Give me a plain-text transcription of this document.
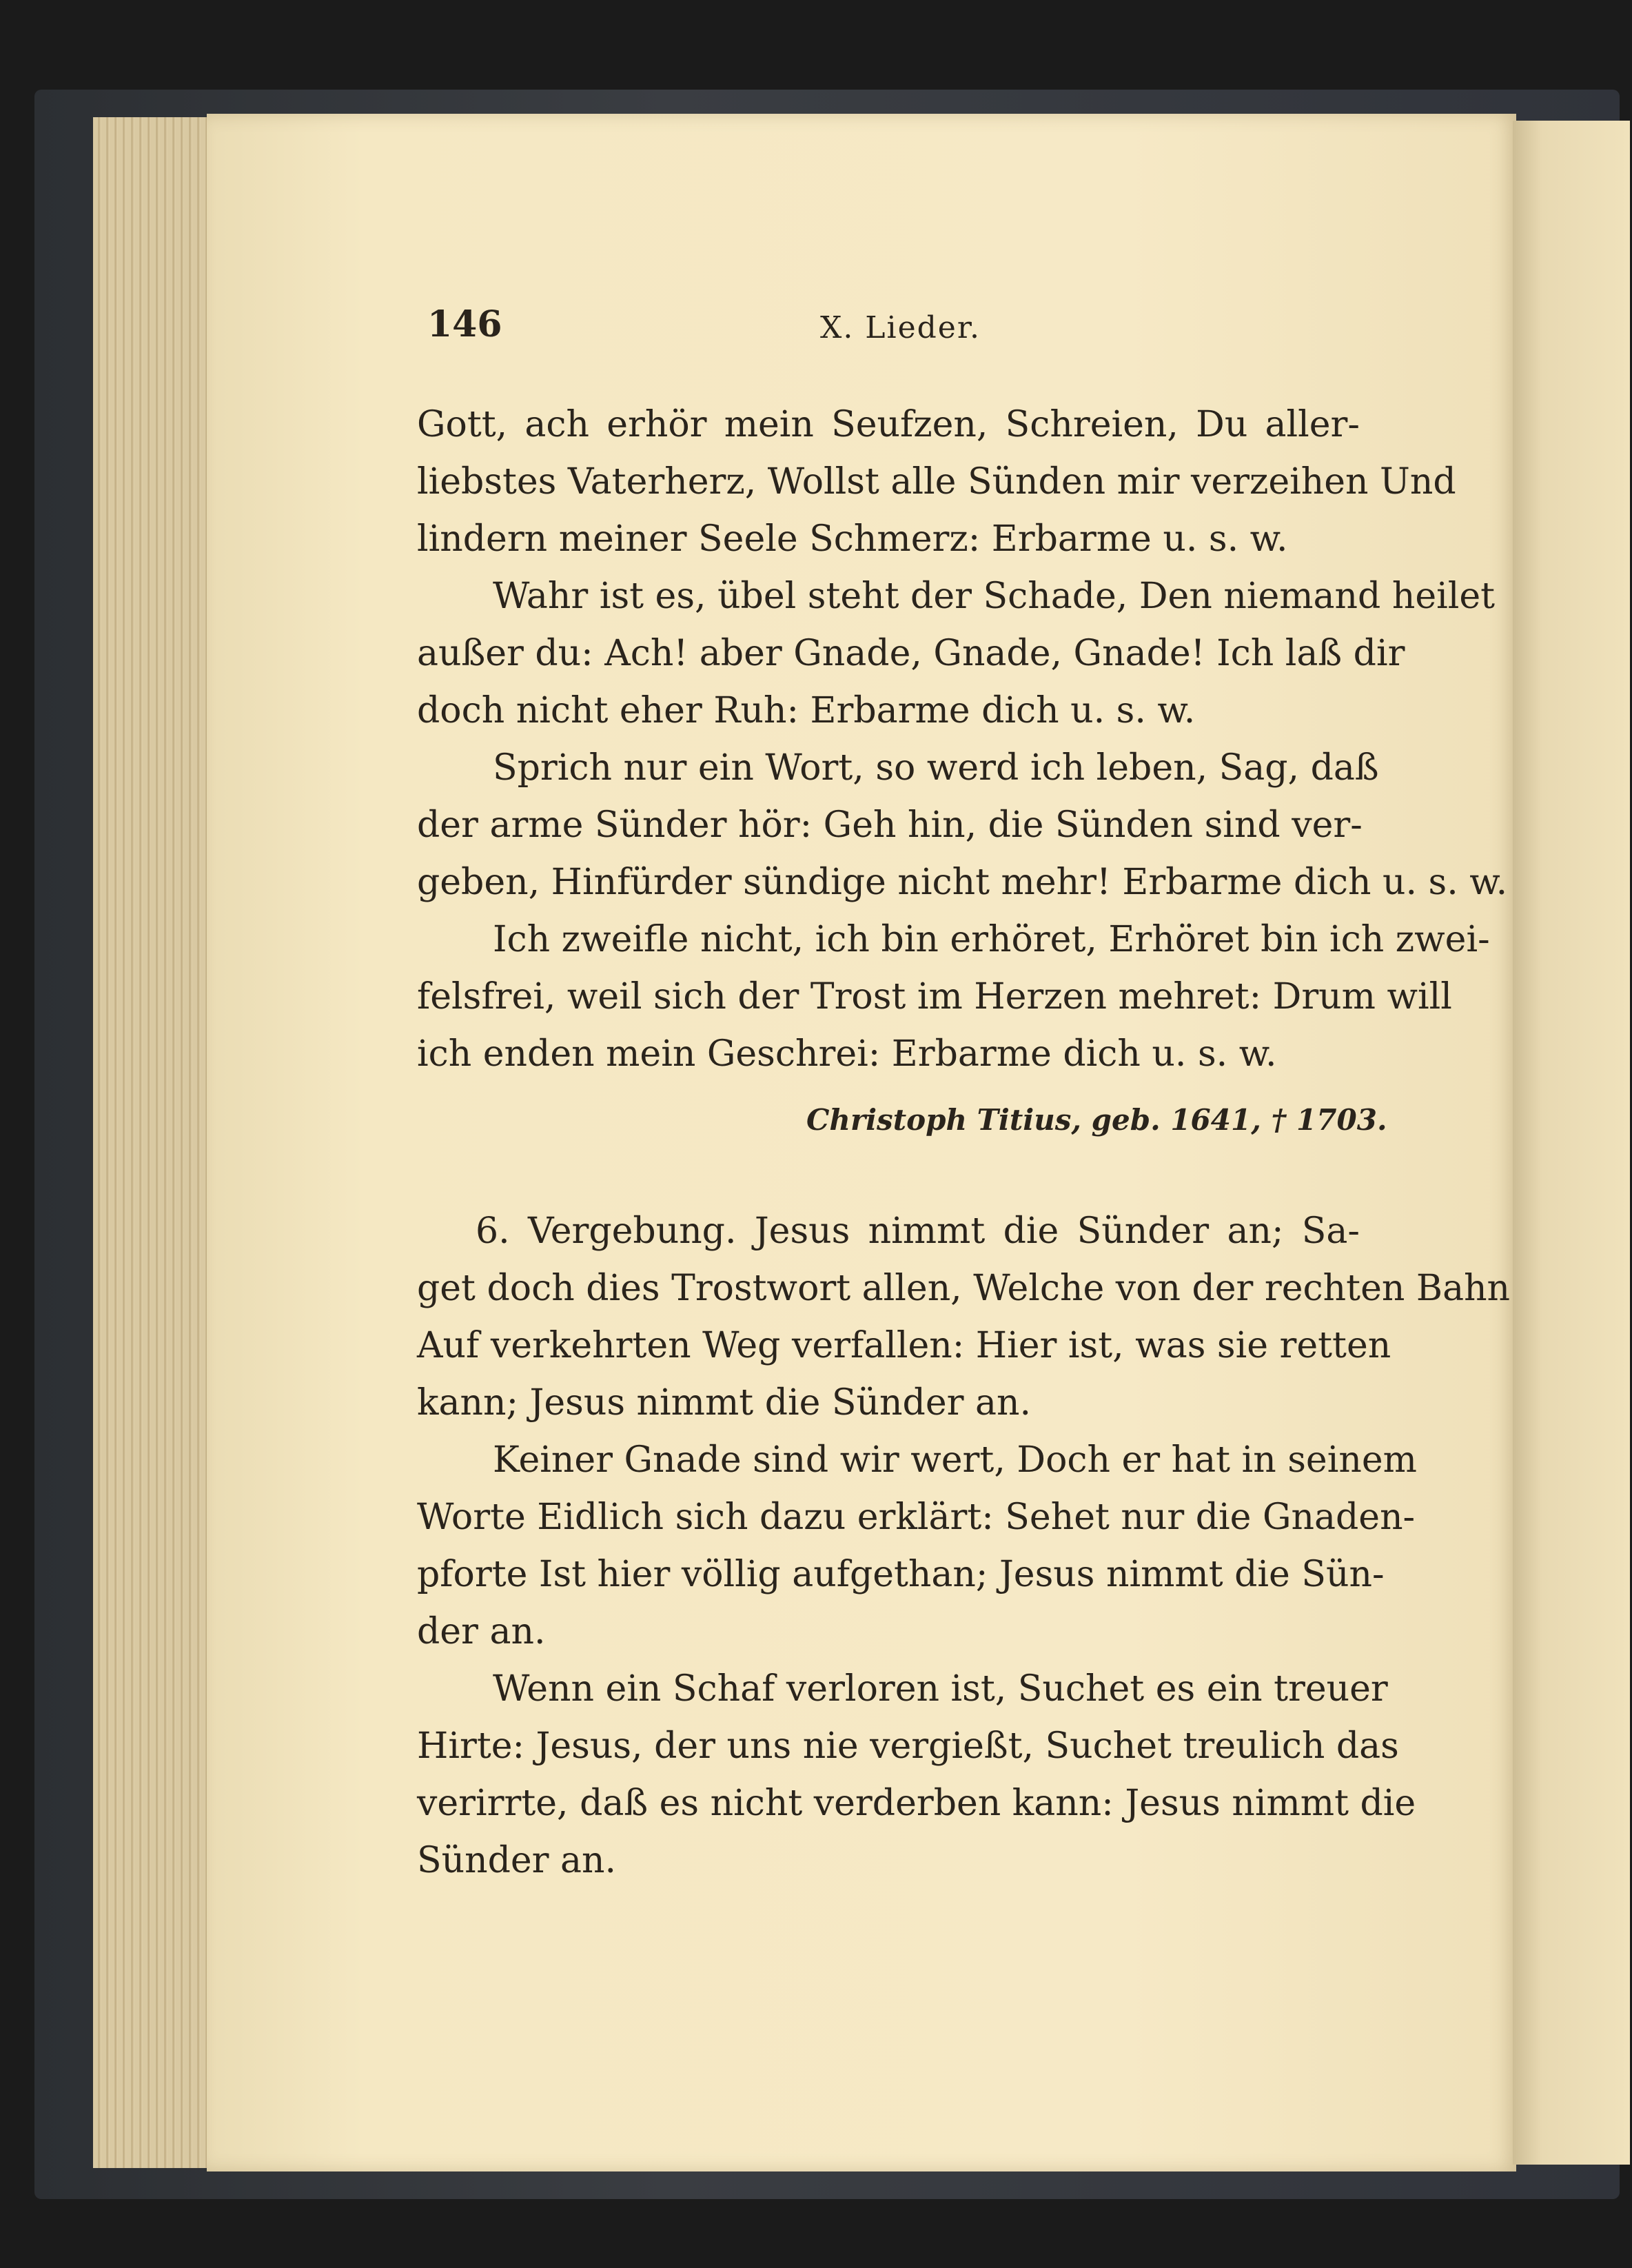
146	X. Lieder.
Gott, ach erhör mein Seufzen, Schreien, Du aller-
liebstes Vaterherz, Wollst alle Sünden mir verzeihen Und
lindern meiner Seele Schmerz: Erbarme u. s. w.
Wahr ist es, übel steht der Schade, Den niemand heilet
außer du: Ach! aber Gnade, Gnade, Gnade! Ich laß dir
doch nicht eher Ruh: Erbarme dich u. s. w.
Sprich nur ein Wort, so werd ich leben, Sag, daß
der arme Sünder hör: Geh hin, die Sünden sind ver-
geben, Hinfürder sündige nicht mehr! Erbarme dich u. s. w.
Ich zweifle nicht, ich bin erhöret, Erhöret bin ich zwei-
felsfrei, weil sich der Trost im Herzen mehret: Drum will
ich enden mein Geschrei: Erbarme dich u. s. w.
Christoph Titius, geb. 1641, † 1703.
6. Vergebung. Jesus nimmt die Sünder an; Sa-
get doch dies Trostwort allen, Welche von der rechten Bahn
Auf verkehrten Weg verfallen: Hier ist, was sie retten
kann; Jesus nimmt die Sünder an.
Keiner Gnade sind wir wert, Doch er hat in seinem
Worte Eidlich sich dazu erklärt: Sehet nur die Gnaden-
pforte Ist hier völlig aufgethan; Jesus nimmt die Sün-
der an.
Wenn ein Schaf verloren ist, Suchet es ein treuer
Hirte: Jesus, der uns nie vergießt, Suchet treulich das
verirrte, daß es nicht verderben kann: Jesus nimmt die
Sünder an.
